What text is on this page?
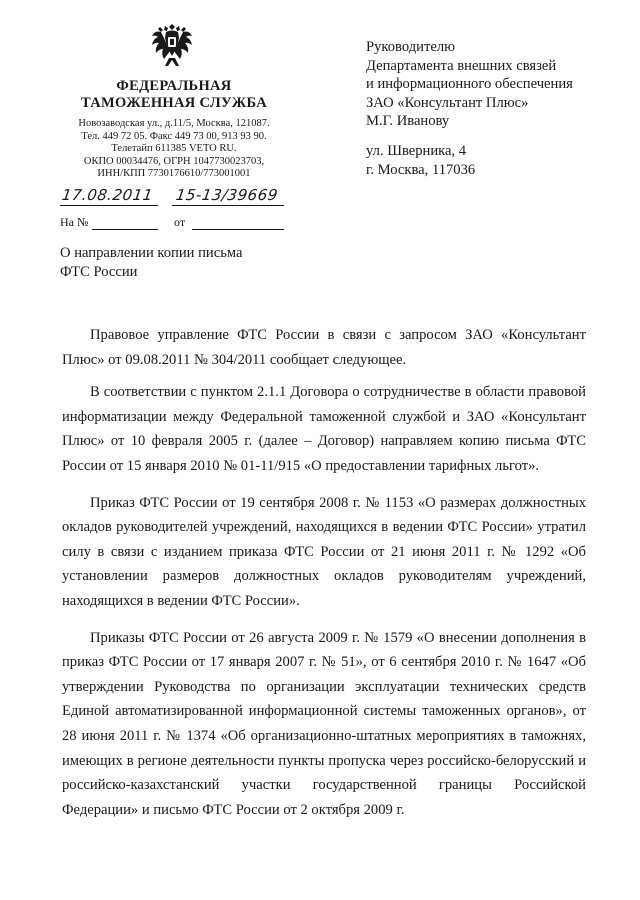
ФЕДЕРАЛЬНАЯ
ТАМОЖЕННАЯ СЛУЖБА
Новозаводская ул., д.11/5, Москва, 121087.
Тел. 449 72 05. Факс 449 73 00, 913 93 90.
Телетайп 611385 VETO RU.
ОКПО 00034476, ОГРН 1047730023703,
ИНН/КПП 7730176610/773001001
17.08.2011 15-13/39669
На №	от
Руководителю
Департамента внешних связей
и информационного обеспечения
ЗАО «Консультант Плюс»
М.Г. Иванову
ул. Шверника, 4
г. Москва, 117036
О направлении копии письма
ФТС России

Правовое управление ФТС России в связи с запросом ЗАО «Консультант Плюс» от 09.08.2011 № 304/2011 сообщает следующее.

В соответствии с пунктом 2.1.1 Договора о сотрудничестве в области правовой информатизации между Федеральной таможенной службой и ЗАО «Консультант Плюс» от 10 февраля 2005 г. (далее – Договор) направляем копию письма ФТС России от 15 января 2010 № 01-11/915 «О предоставлении тарифных льгот».

Приказ ФТС России от 19 сентября 2008 г. № 1153 «О размерах должностных окладов руководителей учреждений, находящихся в ведении ФТС России» утратил силу в связи с изданием приказа ФТС России от 21 июня 2011 г. № 1292 «Об установлении размеров должностных окладов руководителям учреждений, находящихся в ведении ФТС России».

Приказы ФТС России от 26 августа 2009 г. № 1579 «О внесении дополнения в приказ ФТС России от 17 января 2007 г. № 51», от 6 сентября 2010 г. № 1647 «Об утверждении Руководства по организации эксплуатации технических средств Единой автоматизированной информационной системы таможенных органов», от 28 июня 2011 г. № 1374 «Об организационно-штатных мероприятиях в таможнях, имеющих в регионе деятельности пункты пропуска через российско-белорусский и российско-казахстанский участки государственной границы Российской Федерации» и письмо ФТС России от 2 октября 2009 г.
